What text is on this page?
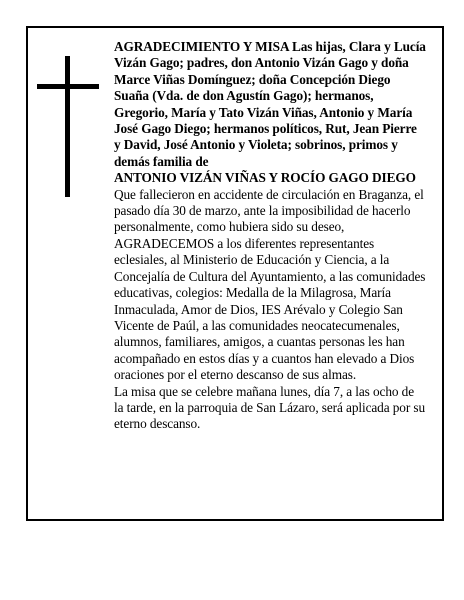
AGRADECIMIENTO Y MISA Las hijas, Clara y Lucía Vizán Gago; padres, don Antonio Vizán Gago y doña Marce Viñas Domínguez; doña Concepción Diego Suaña (Vda. de don Agustín Gago); hermanos, Gregorio, María y Tato Vizán Viñas, Antonio y María José Gago Diego; hermanos políticos, Rut, Jean Pierre y David, José Antonio y Violeta; sobrinos, primos y demás familia de

ANTONIO VIZÁN VIÑAS Y ROCÍO GAGO DIEGO

Que fallecieron en accidente de circulación en Braganza, el pasado día 30 de marzo, ante la imposibilidad de hacerlo personalmente, como hubiera sido su deseo, AGRADECEMOS a los diferentes representantes eclesiales, al Ministerio de Educación y Ciencia, a la Concejalía de Cultura del Ayuntamiento, a las comunidades educativas, colegios: Medalla de la Milagrosa, María Inmaculada, Amor de Dios, IES Arévalo y Colegio San Vicente de Paúl, a las comunidades neocatecumenales, alumnos, familiares, amigos, a cuantas personas les han acompañado en estos días y a cuantos han elevado a Dios oraciones por el eterno descanso de sus almas.

La misa que se celebre mañana lunes, día 7, a las ocho de la tarde, en la parroquia de San Lázaro, será aplicada por su eterno descanso.
